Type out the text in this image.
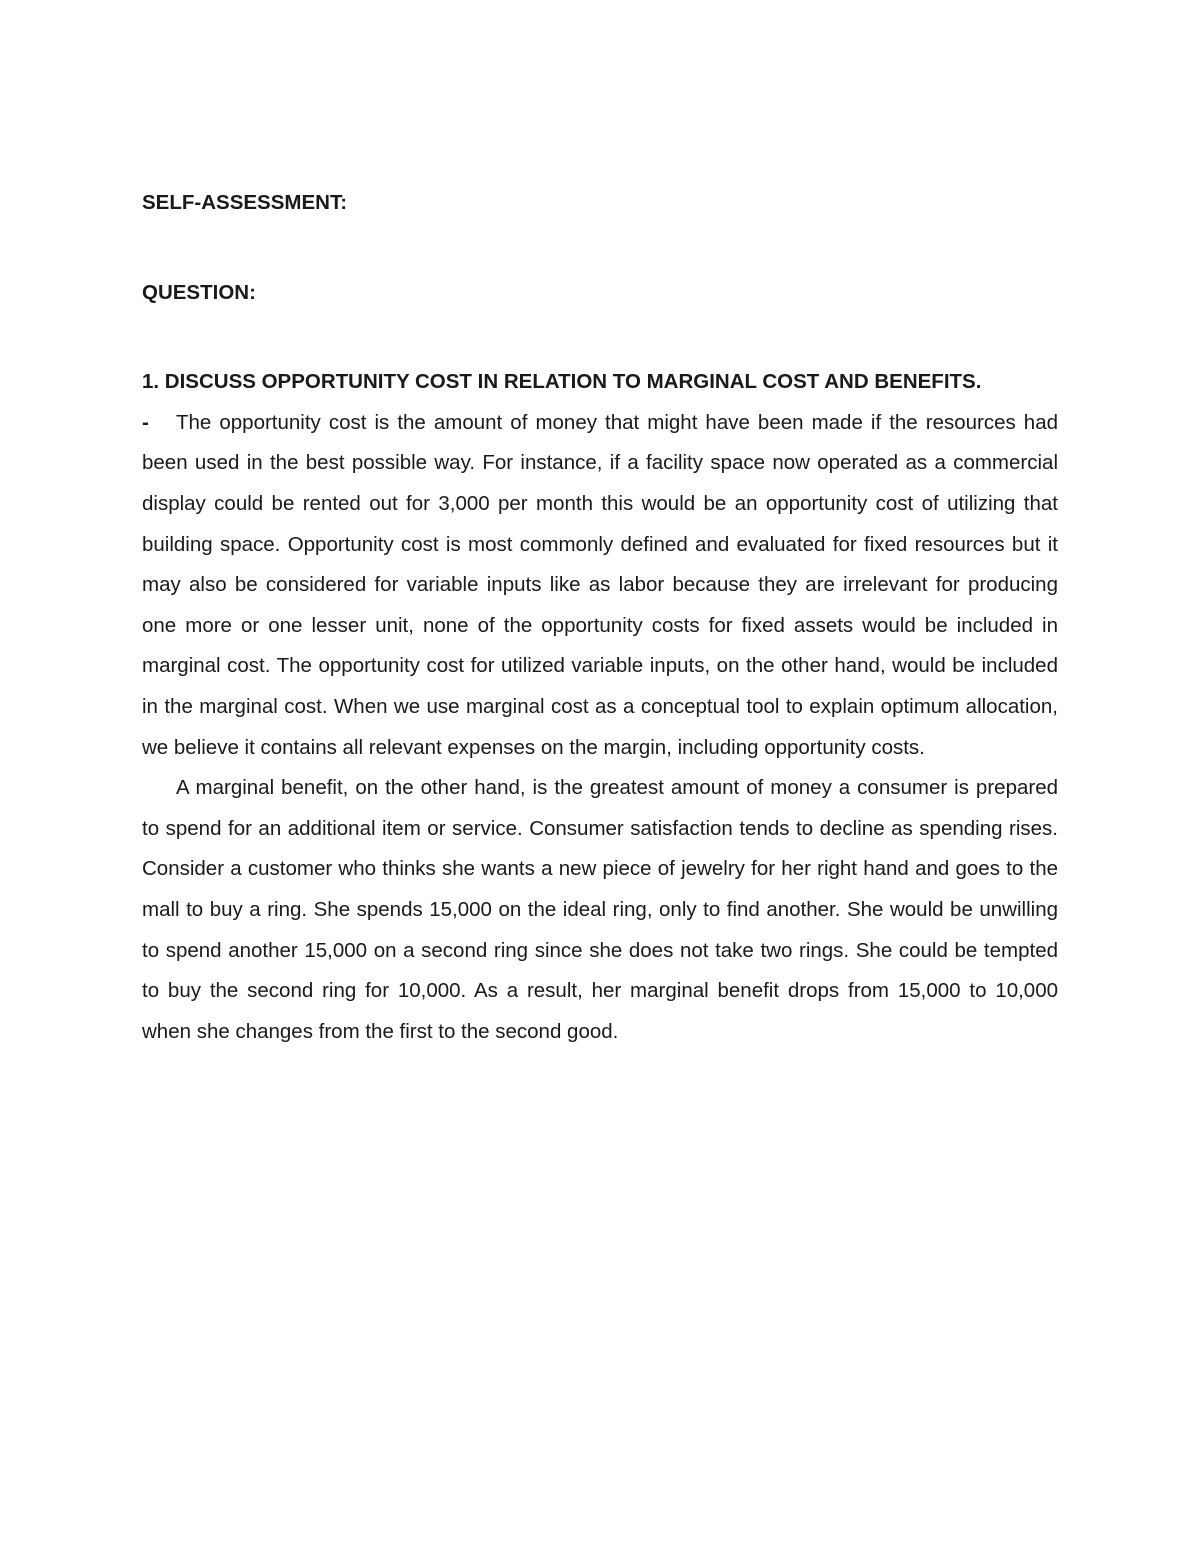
SELF-ASSESSMENT:

QUESTION:

1. DISCUSS OPPORTUNITY COST IN RELATION TO MARGINAL COST AND BENEFITS.

- The opportunity cost is the amount of money that might have been made if the resources had been used in the best possible way. For instance, if a facility space now operated as a commercial display could be rented out for 3,000 per month this would be an opportunity cost of utilizing that building space. Opportunity cost is most commonly defined and evaluated for fixed resources but it may also be considered for variable inputs like as labor because they are irrelevant for producing one more or one lesser unit, none of the opportunity costs for fixed assets would be included in marginal cost. The opportunity cost for utilized variable inputs, on the other hand, would be included in the marginal cost. When we use marginal cost as a conceptual tool to explain optimum allocation, we believe it contains all relevant expenses on the margin, including opportunity costs.

A marginal benefit, on the other hand, is the greatest amount of money a consumer is prepared to spend for an additional item or service. Consumer satisfaction tends to decline as spending rises. Consider a customer who thinks she wants a new piece of jewelry for her right hand and goes to the mall to buy a ring. She spends 15,000 on the ideal ring, only to find another. She would be unwilling to spend another 15,000 on a second ring since she does not take two rings. She could be tempted to buy the second ring for 10,000. As a result, her marginal benefit drops from 15,000 to 10,000 when she changes from the first to the second good.
